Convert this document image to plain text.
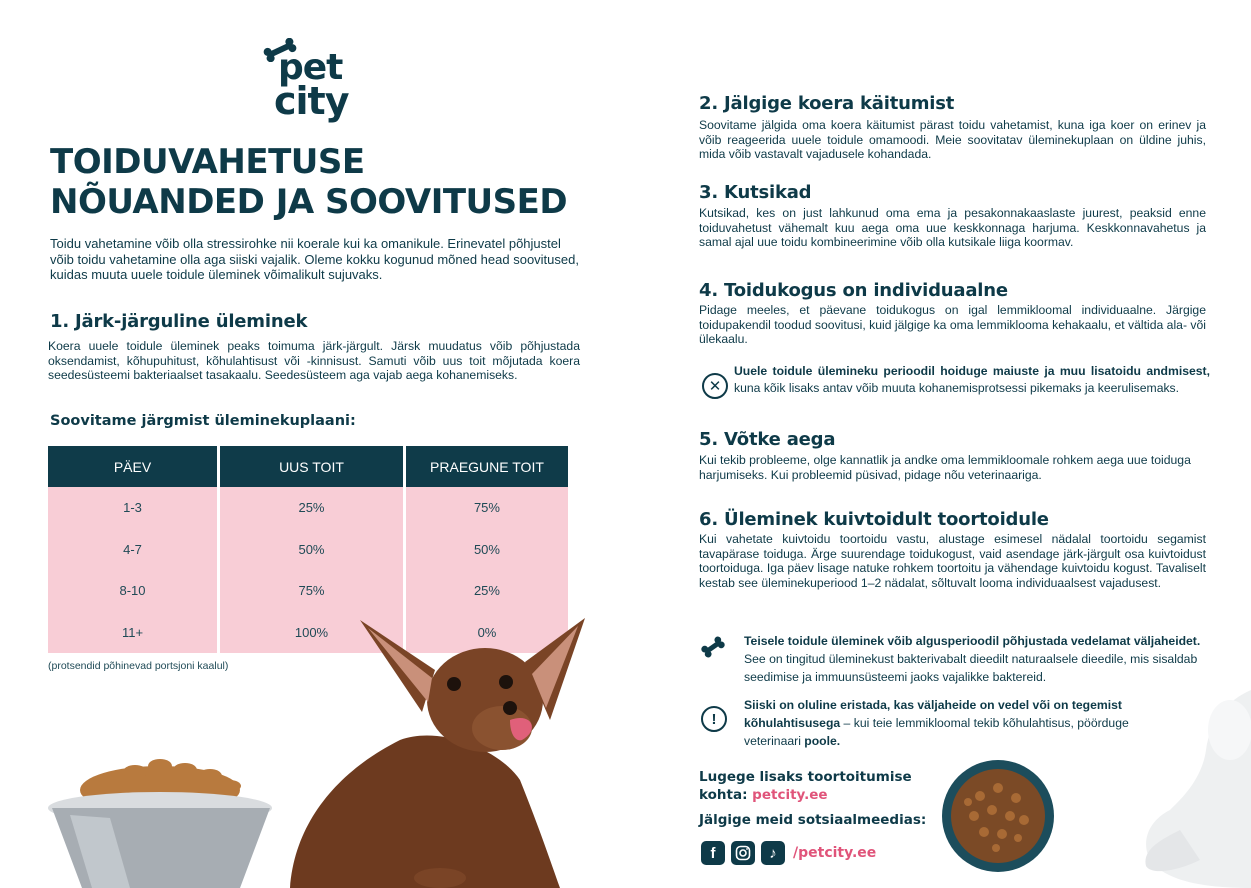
pet
city
TOIDUVAHETUSE
NÕUANDED JA SOOVITUSED
Toidu vahetamine võib olla stressirohke nii koerale kui ka omanikule. Erinevatel põhjustel võib toidu vahetamine olla aga siiski vajalik. Oleme kokku kogunud mõned head soovitused, kuidas muuta uuele toidule üleminek võimalikult sujuvaks.
1. Järk-järguline üleminek
Koera uuele toidule üleminek peaks toimuma järk-järgult. Järsk muudatus võib põhjustada oksendamist, kõhupuhitust, kõhulahtisust või -kinnisust. Samuti võib uus toit mõjutada koera seedesüsteemi bakteriaalset tasakaalu. Seedesüsteem aga vajab aega kohanemiseks.
Soovitame järgmist üleminekuplaani:
PÄEV	UUS TOIT	PRAEGUNE TOIT
1-3	25%	75%
4-7	50%	50%
8-10	75%	25%
11+	100%	0%
(protsendid põhinevad portsjoni kaalul)
2. Jälgige koera käitumist
Soovitame jälgida oma koera käitumist pärast toidu vahetamist, kuna iga koer on erinev ja võib reageerida uuele toidule omamoodi. Meie soovitatav üleminekuplaan on üldine juhis, mida võib vastavalt vajadusele kohandada.
3. Kutsikad
Kutsikad, kes on just lahkunud oma ema ja pesakonnakaaslaste juurest, peaksid enne toiduvahetust vähemalt kuu aega oma uue keskkonnaga harjuma. Keskkonnavahetus ja samal ajal uue toidu kombineerimine võib olla kutsikale liiga koormav.
4. Toidukogus on individuaalne
Pidage meeles, et päevane toidukogus on igal lemmikloomal individuaalne. Järgige toidupakendil toodud soovitusi, kuid jälgige ka oma lemmiklooma kehakaalu, et vältida ala- või ülekaalu.
✕
Uuele toidule ülemineku perioodil hoiduge maiuste ja muu lisatoidu andmisest, kuna kõik lisaks antav võib muuta kohanemisprotsessi pikemaks ja keerulisemaks.
5. Võtke aega
Kui tekib probleeme, olge kannatlik ja andke oma lemmikloomale rohkem aega uue toiduga harjumiseks. Kui probleemid püsivad, pidage nõu veterinaariga.
6. Üleminek kuivtoidult toortoidule
Kui vahetate kuivtoidu toortoidu vastu, alustage esimesel nädalal toortoidu segamist tavapärase toiduga. Ärge suurendage toidukogust, vaid asendage järk-järgult osa kuivtoidust toortoiduga. Iga päev lisage natuke rohkem toortoitu ja vähendage kuivtoidu kogust. Tavaliselt kestab see üleminekuperiood 1–2 nädalat, sõltuvalt looma individuaalsest vajadusest.
Teisele toidule üleminek võib algusperioodil põhjustada vedelamat väljaheidet. See on tingitud üleminekust bakterivabalt dieedilt naturaalsele dieedile, mis sisaldab seedimise ja immuunsüsteemi jaoks vajalikke baktereid.
!
Siiski on oluline eristada, kas väljaheide on vedel või on tegemist kõhulahtisusega – kui teie lemmikloomal tekib kõhulahtisus, pöörduge veterinaari poole.
Lugege lisaks toortoitumise
kohta: petcity.ee
Jälgige meid sotsiaalmeedias:
f	♪	/petcity.ee
